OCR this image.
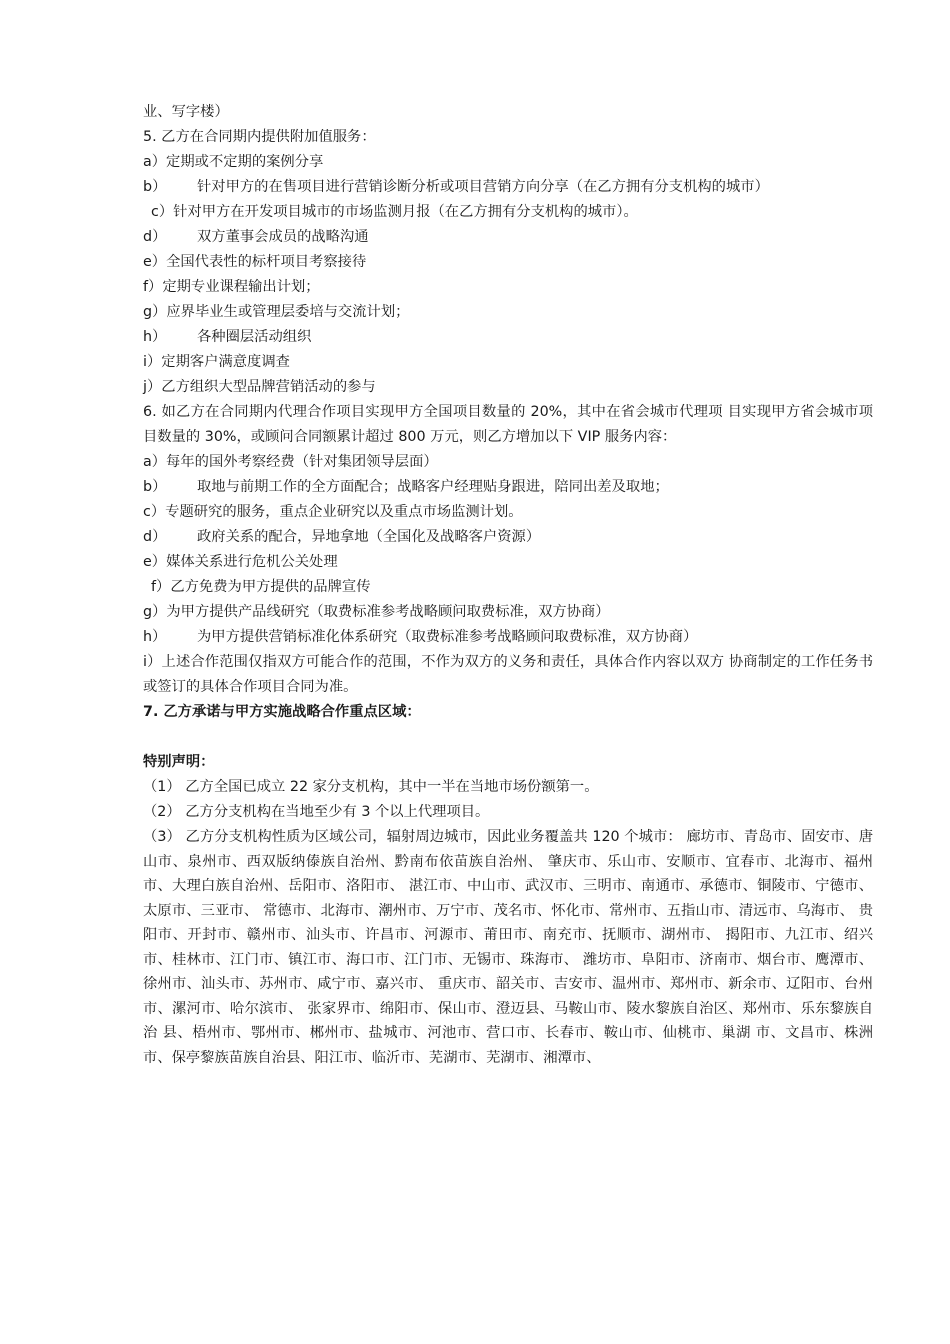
业、写字楼）
5. 乙方在合同期内提供附加值服务：
a）定期或不定期的案例分享
b） 针对甲方的在售项目进行营销诊断分析或项目营销方向分享（在乙方拥有分支机构的城市）
c）针对甲方在开发项目城市的市场监测月报（在乙方拥有分支机构的城市）。
d） 双方董事会成员的战略沟通
e）全国代表性的标杆项目考察接待
f）定期专业课程输出计划；
g）应界毕业生或管理层委培与交流计划；
h） 各种圈层活动组织
i）定期客户满意度调查
j）乙方组织大型品牌营销活动的参与
6. 如乙方在合同期内代理合作项目实现甲方全国项目数量的 20%，其中在省会城市代理项 目实现甲方省会城市项目数量的 30%，或顾问合同额累计超过 800 万元，则乙方增加以下 VIP 服务内容：
a）每年的国外考察经费（针对集团领导层面）
b） 取地与前期工作的全方面配合；战略客户经理贴身跟进，陪同出差及取地；
c）专题研究的服务，重点企业研究以及重点市场监测计划。
d） 政府关系的配合，异地拿地（全国化及战略客户资源）
e）媒体关系进行危机公关处理
f）乙方免费为甲方提供的品牌宣传
g）为甲方提供产品线研究（取费标准参考战略顾问取费标准，双方协商）
h） 为甲方提供营销标准化体系研究（取费标准参考战略顾问取费标准，双方协商）
i）上述合作范围仅指双方可能合作的范围，不作为双方的义务和责任，具体合作内容以双方 协商制定的工作任务书或签订的具体合作项目合同为准。
7. 乙方承诺与甲方实施战略合作重点区域：
特别声明：
（1） 乙方全国已成立 22 家分支机构，其中一半在当地市场份额第一。
（2） 乙方分支机构在当地至少有 3 个以上代理项目。
（3） 乙方分支机构性质为区域公司，辐射周边城市，因此业务覆盖共 120 个城市： 廊坊市、青岛市、固安市、唐山市、泉州市、西双版纳傣族自治州、黔南布依苗族自治州、 肇庆市、乐山市、安顺市、宜春市、北海市、福州市、大理白族自治州、岳阳市、洛阳市、 湛江市、中山市、武汉市、三明市、南通市、承德市、铜陵市、宁德市、太原市、三亚市、 常德市、北海市、潮州市、万宁市、茂名市、怀化市、常州市、五指山市、清远市、乌海市、 贵阳市、开封市、赣州市、汕头市、许昌市、河源市、莆田市、南充市、抚顺市、湖州市、 揭阳市、九江市、绍兴市、桂林市、江门市、镇江市、海口市、江门市、无锡市、珠海市、 潍坊市、阜阳市、济南市、烟台市、鹰潭市、徐州市、汕头市、苏州市、咸宁市、嘉兴市、 重庆市、韶关市、吉安市、温州市、郑州市、新余市、辽阳市、台州市、漯河市、哈尔滨市、 张家界市、绵阳市、保山市、澄迈县、马鞍山市、陵水黎族自治区、郑州市、乐东黎族自治 县、梧州市、鄂州市、郴州市、盐城市、河池市、营口市、长春市、鞍山市、仙桃市、巢湖 市、文昌市、株洲市、保亭黎族苗族自治县、阳江市、临沂市、芜湖市、芜湖市、湘潭市、
